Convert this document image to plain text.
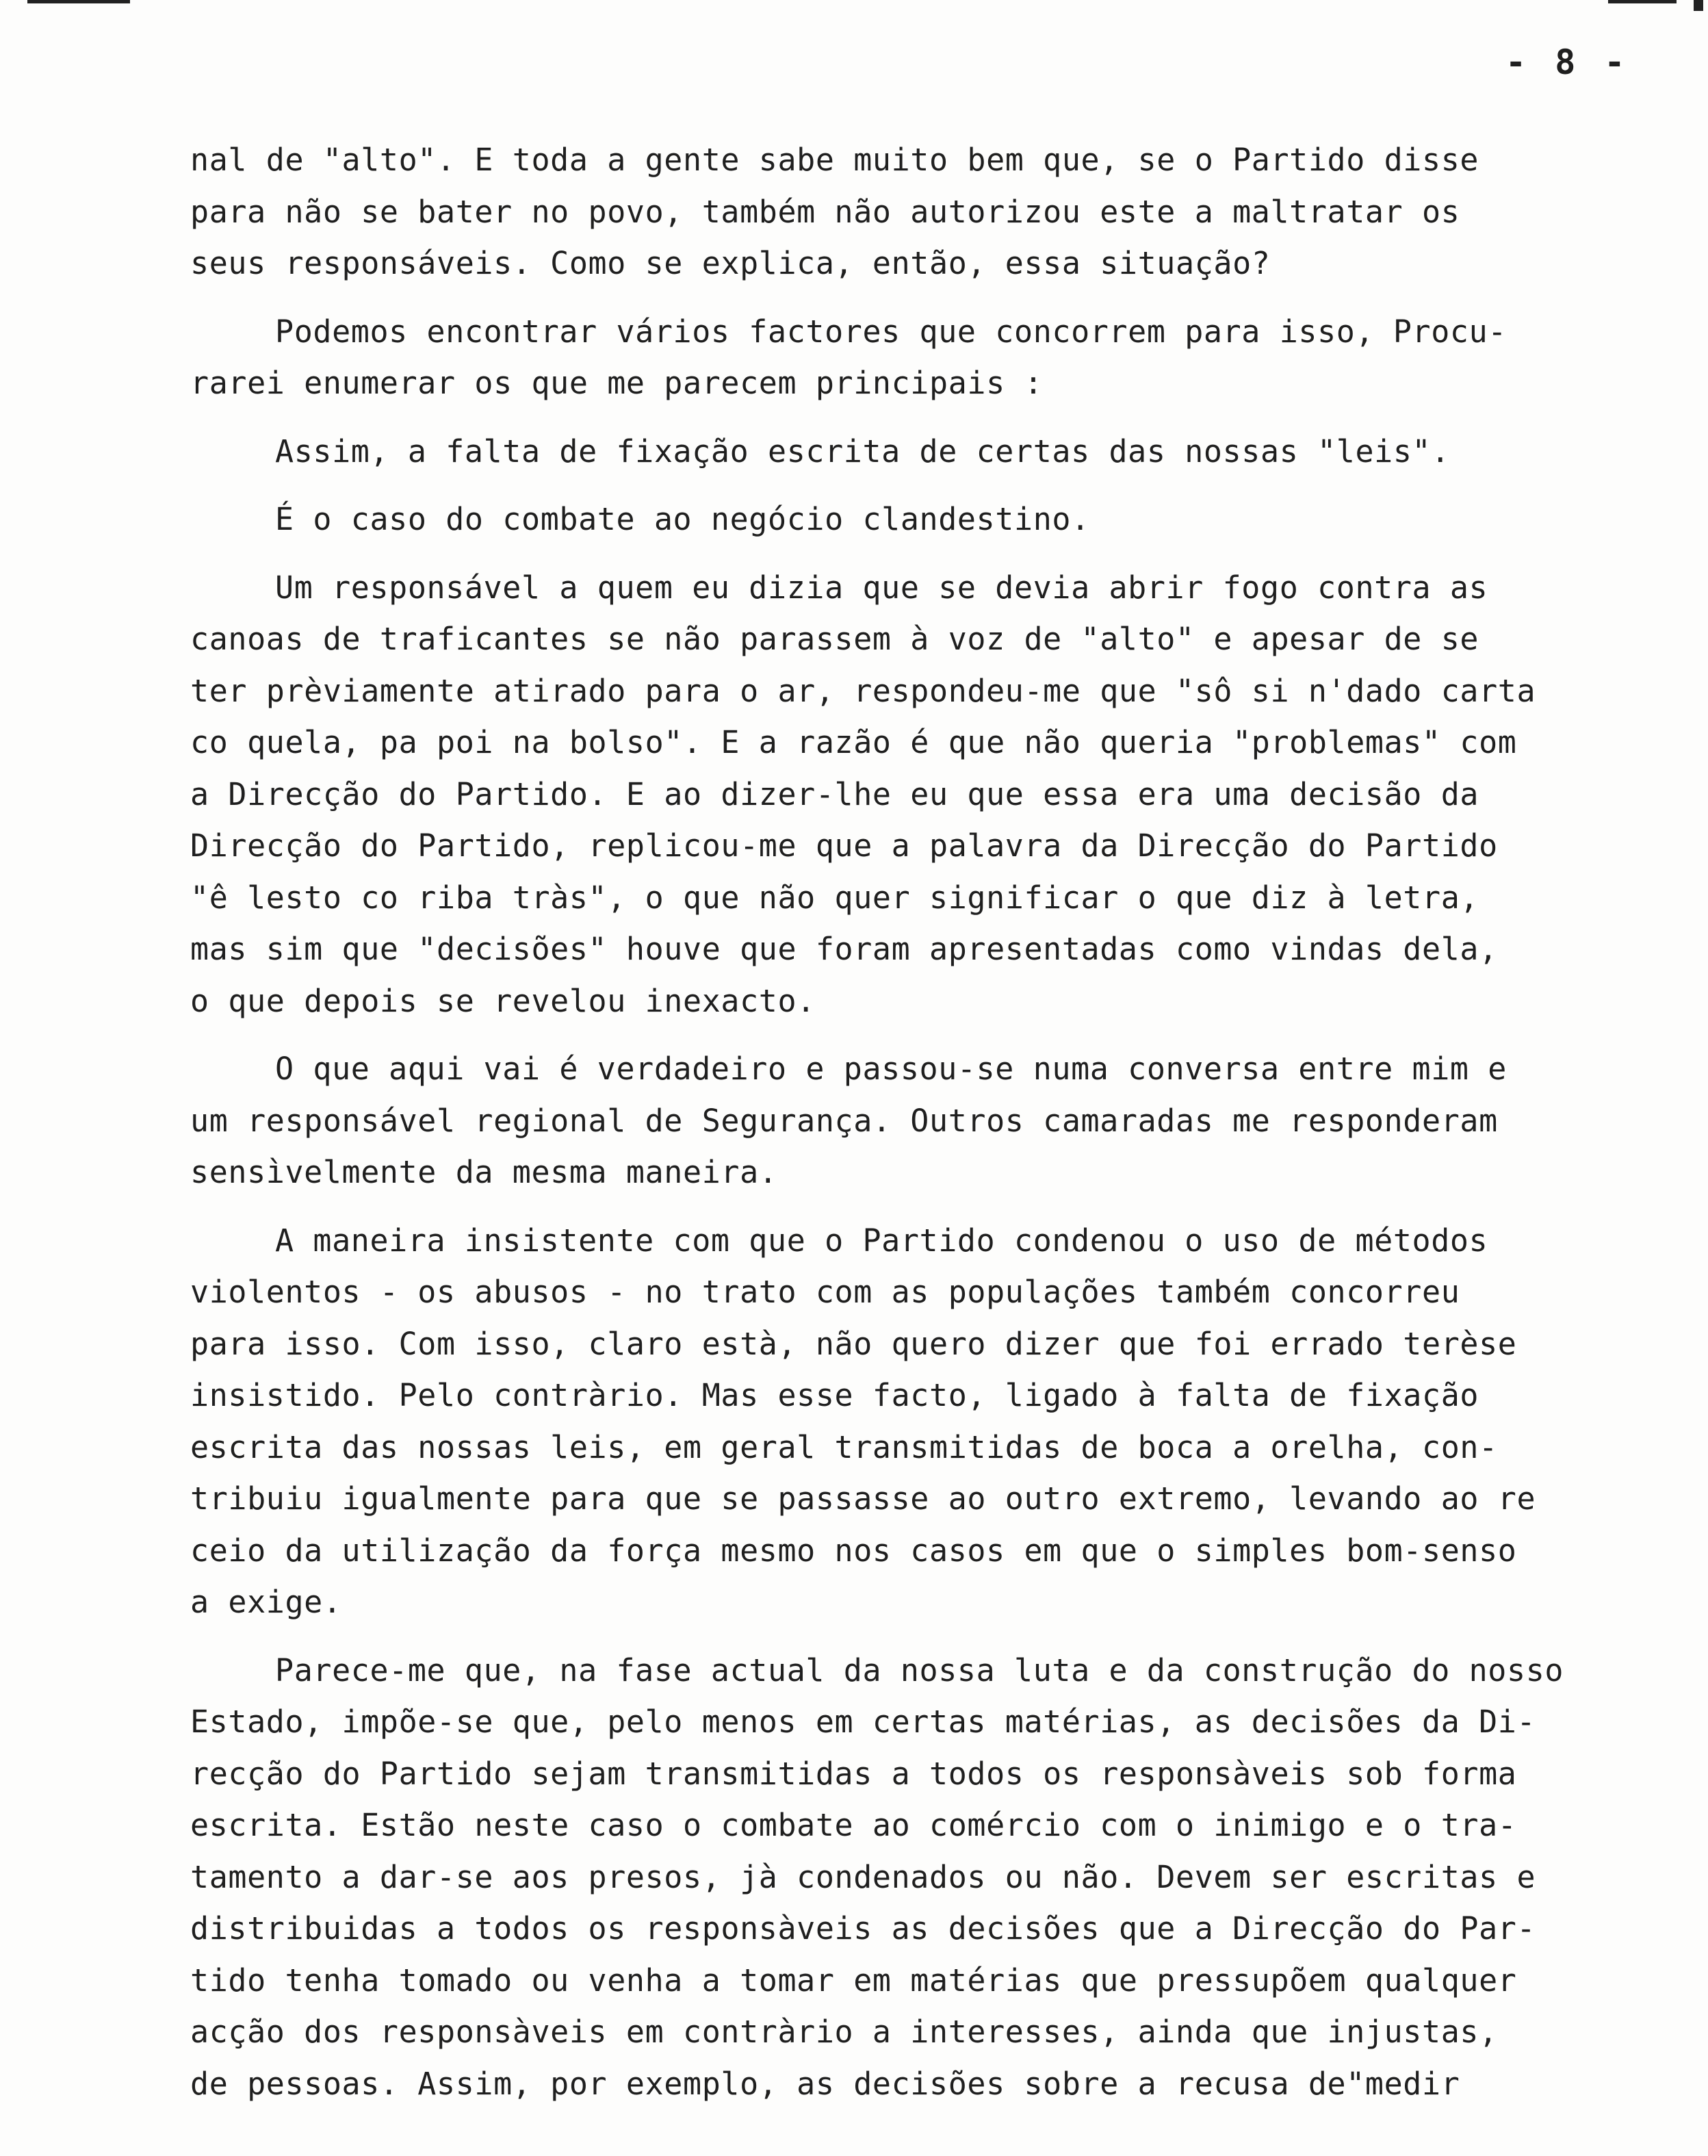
- 8 -
nal de "alto". E toda a gente sabe muito bem que, se o Partido disse
para não se bater no povo, também não autorizou este a maltratar os
seus responsáveis. Como se explica, então, essa situação?
Podemos encontrar vários factores que concorrem para isso, Procu-
rarei enumerar os que me parecem principais :
Assim, a falta de fixação escrita de certas das nossas "leis".
É o caso do combate ao negócio clandestino.
Um responsável a quem eu dizia que se devia abrir fogo contra as
canoas de traficantes se não parassem à voz de "alto" e apesar de se
ter prèviamente atirado para o ar, respondeu-me que "sô si n'dado carta
co quela, pa poi na bolso". E a razão é que não queria "problemas" com
a Direcção do Partido. E ao dizer-lhe eu que essa era uma decisão da
Direcção do Partido, replicou-me que a palavra da Direcção do Partido
"ê lesto co riba tràs", o que não quer significar o que diz à letra,
mas sim que "decisões" houve que foram apresentadas como vindas dela,
o que depois se revelou inexacto.
O que aqui vai é verdadeiro e passou-se numa conversa entre mim e
um responsável regional de Segurança. Outros camaradas me responderam
sensìvelmente da mesma maneira.
A maneira insistente com que o Partido condenou o uso de métodos
violentos - os abusos - no trato com as populações também concorreu
para isso. Com isso, claro està, não quero dizer que foi errado terèse
insistido. Pelo contràrio. Mas esse facto, ligado à falta de fixação
escrita das nossas leis, em geral transmitidas de boca a orelha, con-
tribuiu igualmente para que se passasse ao outro extremo, levando ao re
ceio da utilização da força mesmo nos casos em que o simples bom-senso
a exige.
Parece-me que, na fase actual da nossa luta e da construção do nosso
Estado, impõe-se que, pelo menos em certas matérias, as decisões da Di-
recção do Partido sejam transmitidas a todos os responsàveis sob forma
escrita. Estão neste caso o combate ao comércio com o inimigo e o tra-
tamento a dar-se aos presos, jà condenados ou não. Devem ser escritas e
distribuidas a todos os responsàveis as decisões que a Direcção do Par-
tido tenha tomado ou venha a tomar em matérias que pressupõem qualquer
acção dos responsàveis em contràrio a interesses, ainda que injustas,
de pessoas. Assim, por exemplo, as decisões sobre a recusa de"medir
